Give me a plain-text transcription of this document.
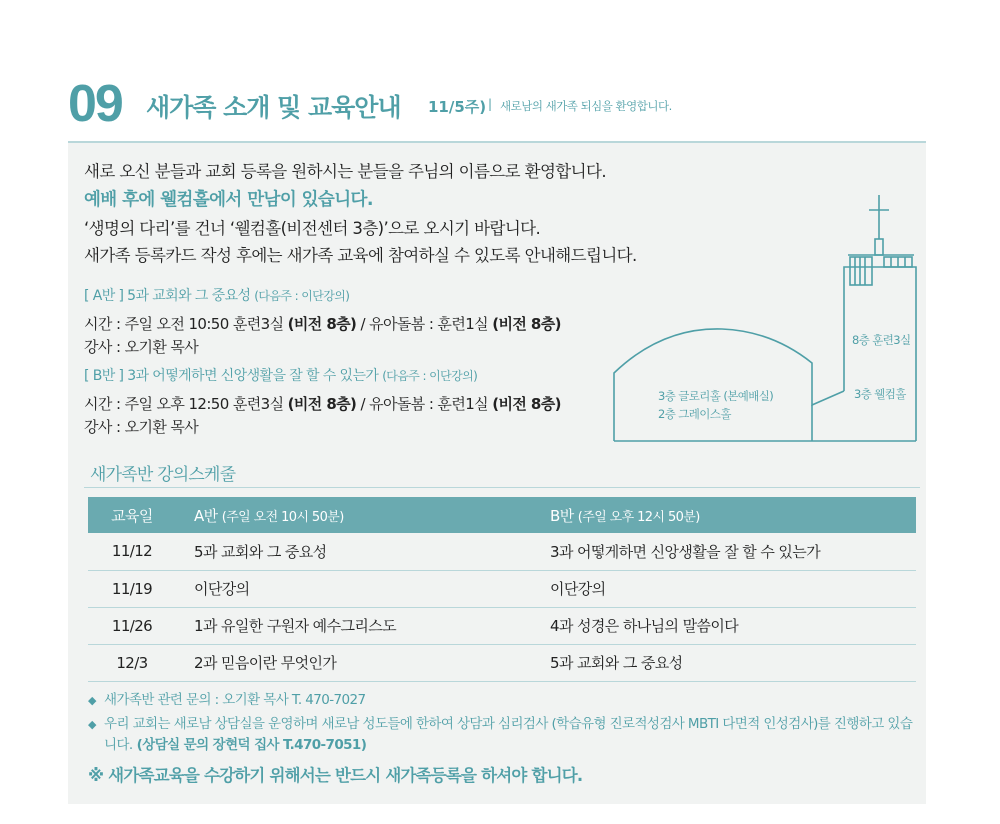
09 새가족 소개 및 교육안내 11/5주) | 새로남의 새가족 되심을 환영합니다.
새로 오신 분들과 교회 등록을 원하시는 분들을 주님의 이름으로 환영합니다.
예배 후에 웰컴홀에서 만남이 있습니다.
‘생명의 다리’를 건너 ‘웰컴홀(비전센터 3층)’으로 오시기 바랍니다.
새가족 등록카드 작성 후에는 새가족 교육에 참여하실 수 있도록 안내해드립니다.
[ A반 ] 5과 교회와 그 중요성 (다음주 : 이단강의)
시간 : 주일 오전 10:50 훈련3실 (비전 8층) / 유아돌봄 : 훈련1실 (비전 8층)
강사 : 오기환 목사
[ B반 ] 3과 어떻게하면 신앙생활을 잘 할 수 있는가 (다음주 : 이단강의)
시간 : 주일 오후 12:50 훈련3실 (비전 8층) / 유아돌봄 : 훈련1실 (비전 8층)
강사 : 오기환 목사
8층 훈련3실
3층 웰컴홀
3층 글로리홀 (본예배실)
2층 그레이스홀
새가족반 강의스케줄
교육일	A반 (주일 오전 10시 50분)	B반 (주일 오후 12시 50분)
11/12	5과 교회와 그 중요성	3과 어떻게하면 신앙생활을 잘 할 수 있는가
11/19	이단강의	이단강의
11/26	1과 유일한 구원자 예수그리스도	4과 성경은 하나님의 말씀이다
12/3	2과 믿음이란 무엇인가	5과 교회와 그 중요성
◆ 새가족반 관련 문의 : 오기환 목사 T. 470-7027
◆ 우리 교회는 새로남 상담실을 운영하며 새로남 성도들에 한하여 상담과 심리검사 (학습유형 진로적성검사 MBTI 다면적 인성검사)를 진행하고 있습니다. (상담실 문의 장현덕 집사 T.470-7051)
※ 새가족교육을 수강하기 위해서는 반드시 새가족등록을 하셔야 합니다.
